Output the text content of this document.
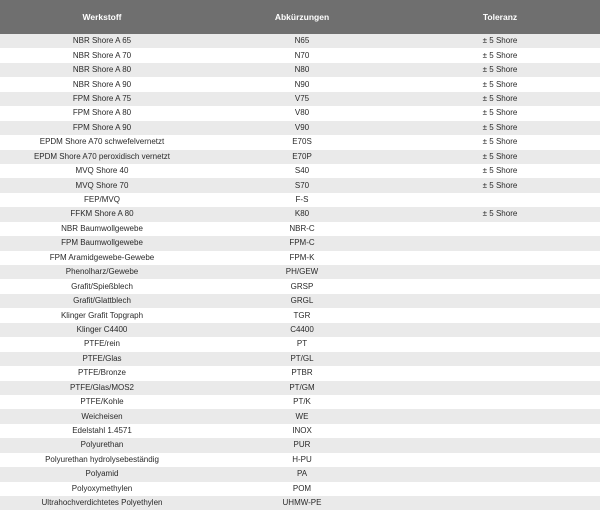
Werkstoff	Abkürzungen	Toleranz
NBR Shore A 65	N65	± 5 Shore
NBR Shore A 70	N70	± 5 Shore
NBR Shore A 80	N80	± 5 Shore
NBR Shore A 90	N90	± 5 Shore
FPM Shore A 75	V75	± 5 Shore
FPM Shore A 80	V80	± 5 Shore
FPM Shore A 90	V90	± 5 Shore
EPDM Shore A70 schwefelvernetzt	E70S	± 5 Shore
EPDM Shore A70 peroxidisch vernetzt	E70P	± 5 Shore
MVQ Shore 40	S40	± 5 Shore
MVQ Shore 70	S70	± 5 Shore
FEP/MVQ	F-S	
FFKM Shore A 80	K80	± 5 Shore
NBR Baumwollgewebe	NBR-C	
FPM Baumwollgewebe	FPM-C	
FPM Aramidgewebe-Gewebe	FPM-K	
Phenolharz/Gewebe	PH/GEW	
Grafit/Spießblech	GRSP	
Grafit/Glattblech	GRGL	
Klinger Grafit Topgraph	TGR	
Klinger C4400	C4400	
PTFE/rein	PT	
PTFE/Glas	PT/GL	
PTFE/Bronze	PTBR	
PTFE/Glas/MOS2	PT/GM	
PTFE/Kohle	PT/K	
Weicheisen	WE	
Edelstahl 1.4571	INOX	
Polyurethan	PUR	
Polyurethan hydrolysebeständig	H-PU	
Polyamid	PA	
Polyoxymethylen	POM	
Ultrahochverdichtetes Polyethylen	UHMW-PE	
